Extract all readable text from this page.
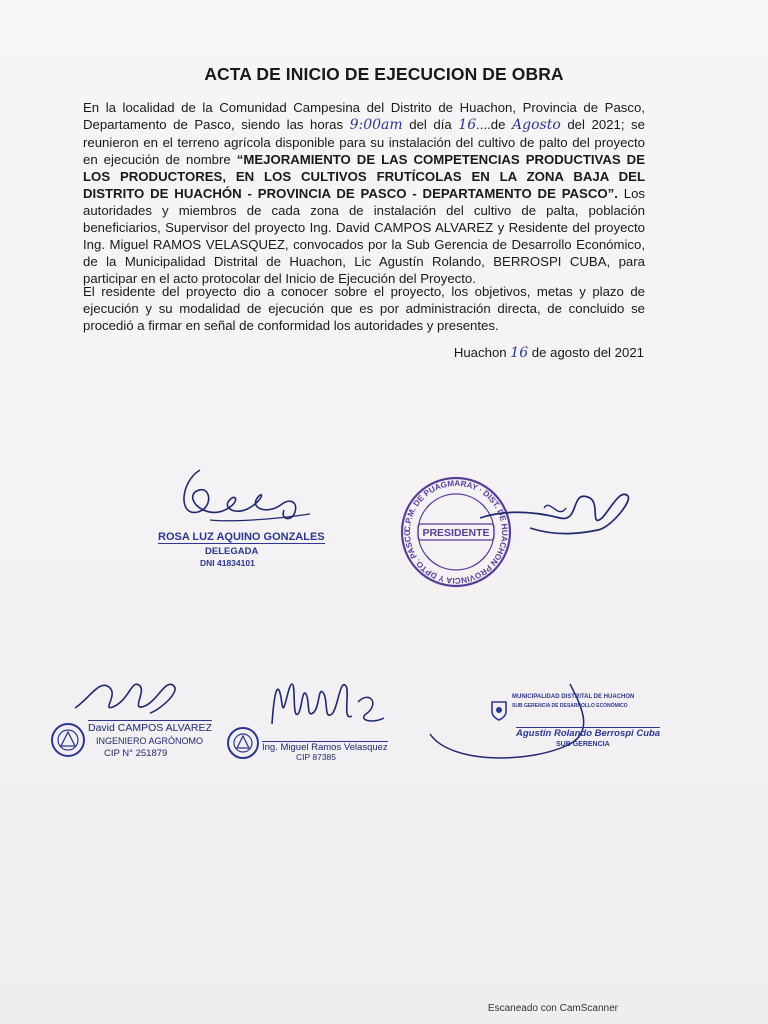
ACTA DE INICIO DE EJECUCION DE OBRA
En la localidad de la Comunidad Campesina del Distrito de Huachon, Provincia de Pasco, Departamento de Pasco, siendo las horas 9:00am del día 16....de Agosto del 2021; se reunieron en el terreno agrícola disponible para su instalación del cultivo de palto del proyecto en ejecución de nombre “MEJORAMIENTO DE LAS COMPETENCIAS PRODUCTIVAS DE LOS PRODUCTORES, EN LOS CULTIVOS FRUTÍCOLAS EN LA ZONA BAJA DEL DISTRITO DE HUACHÓN - PROVINCIA DE PASCO - DEPARTAMENTO DE PASCO”. Los autoridades y miembros de cada zona de instalación del cultivo de palta, población beneficiarios, Supervisor del proyecto Ing. David CAMPOS ALVAREZ y Residente del proyecto Ing. Miguel RAMOS VELASQUEZ, convocados por la Sub Gerencia de Desarrollo Económico, de la Municipalidad Distrital de Huachon, Lic Agustín Rolando, BERROSPI CUBA, para participar en el acto protocolar del Inicio de Ejecución del Proyecto.
El residente del proyecto dio a conocer sobre el proyecto, los objetivos, metas y plazo de ejecución y su modalidad de ejecución que es por administración directa, de concluido se procedió a firmar en señal de conformidad los autoridades y presentes.
Huachon 16 de agosto del 2021
ROSA LUZ AQUINO GONZALES
DELEGADA
DNI 41834101
C.P.M. DE PUAGMARAY · DIST. DE HUACHON PROVINCIA Y DPTO. PASCO PRESIDENTE
David CAMPOS ALVAREZ
INGENIERO AGRÓNOMO
CIP N° 251879
Ing. Miguel Ramos Velasquez
CIP 87385
MUNICIPALIDAD DISTRITAL DE HUACHON
SUB GERENCIA DE DESARROLLO ECONÓMICO
Agustín Rolando Berrospi Cuba
SUB GERENCIA
Escaneado con CamScanner
